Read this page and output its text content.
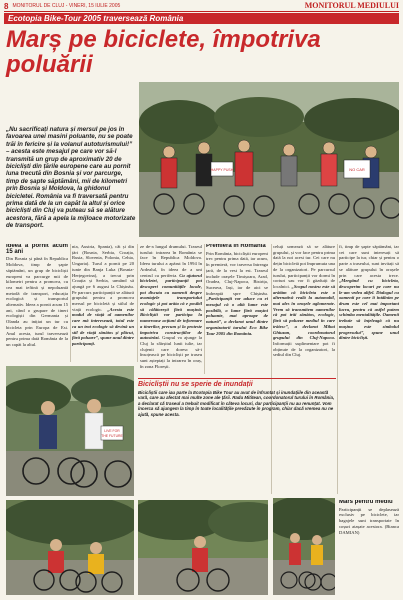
8 MONITORUL DE CLUJ - VINERI, 15 IULIE 2005	MONITORUL MEDIULUI
Ecotopia Bike-Tour 2005 traversează România
Marș pe biciclete, împotriva poluării
HAPPY PUSH	NO CAR
„Nu sacrificați natura și mersul pe jos în favoarea unei masini poluante, nu se poate trăi în fericire și la volanul autoturismului!” – acesta este mesajul pe care vor să-l transmită un grup de aproximativ 20 de bicicliști din țările europene care au pornit luna trecută din Bosnia și vor parcurge, timp de șapte săptămâni, mii de kilometri prin Bosnia și Moldova, la ghidonul bicicletei. România va fi traversată pentru prima dată de la un capăt la altul și orice bicicliști din Cluj va puteau să se alăture acestora, fără a apela la mijloace motorizate de transport.
Ideea a pornit acum 15 ani
Din Bosnia și până în Republica Moldova, timp de șapte săptămâni, un grup de bicicliști europeni va parcurge mii de kilometri pentru a promova, cu cea mai ieftină și nepoluantă metodă de transport, educația ecologică și transportul alternativ. Ideea a pornit acum 15 ani, când o grupare de tineri ecologiști din Germania și Olanda au inițiat un tur cu bicicleta prin Europa de Est. Anul acesta, turul traversează pentru prima dată România de la un capăt la altul.
nia, Austria, Spania), cât și din țări (Bosnia, Serbia, Croația, Rusia, Slovenia, Polonia, Cehia, Ungaria). Turul a pornit pe 20 iunie din Banja Luka (Bosnia-Herțegovina), a trecut prin Croația și Serbia, urmând să ajungă pe 6 august la Chișinău. Pe parcurs participanții se alătură grupului pentru a promova mersul pe bicicletă și stilul de viață ecologic. „Acesta este modul de viață al oamenilor care mă interesează, totul este ca un trai ecologic să devină un stil de viață sănătos și plăcut, fără poluare”, spune unul dintre participanți.
ze de-a lungul drumului. Traseul turului: intrarea în România se face în Republica Moldova. Ideea turului a apărut în 1994 în Ardealul, în ideea de a uni centrul cu periferia. Cu ajutorul bicicletei, participanții pot descoperi comunitățile locale, pot discuta cu oamenii despre avantajele transportului ecologic și pot arăta că e posibil să călătorești fără mașină. Bicicliștii vor participa la numeroase acțiuni de informare a tinerilor, precum și la proteste împotriva construcțiilor de autostrăzi. Grupul va ajunge la Cluj la sfârșitul lunii iulie, iar clujenii care doresc să-i însoțească pe bicicliști pe traseu sunt așteptați la intrarea în oraș, în zona Florești.
Premieră în România
Prin România, bicicliștii europeni trec pentru prima dată, iar acum, în premieră, vor traversa întreaga țară, de la vest la est. Traseul include orașele Timișoara, Arad, Oradea, Cluj-Napoca, Bistrița, Suceava, Iași, iar de aici se îndreaptă spre Chișinău. „Participanții vor aduce cu ei mesajul că o altă lume este posibilă, o lume fără mașini poluante, mai aproape de natură”, a declarat unul dintre organizatorii turului Eco Bike Tour 2005 din România.
celuți urmează să se alăture grupului, și vor face pentru prima dată la noi acest tur. Cei care nu dețin bicicletă pot împrumuta una de la organizatori. Pe parcursul turului, participanții vor dormi în corturi sau vor fi găzduiți de localnici. „Scopul nostru este să arătăm că bicicleta este o alternativă reală la automobil, mai ales în orașele aglomerate. Vrem să transmitem oamenilor că pot trăi sănătos, ecologic, fără să polueze mediul în care trăiesc”, a declarat Mihai Ghiuzan, coordonatorul grupului din Cluj-Napoca. Informații suplimentare pot fi obținute de la organizatori, la sediul din Cluj.
fi, timp de șapte săptămâni, iar cei care sunt interesați să participe la tur, chiar și pentru o parte a traseului, sunt invitați să se alăture grupului în orașele prin care acesta trece. „Mergând cu bicicleta, descoperim locuri pe care nu le-am vedea altfel. Dialogul cu oamenii pe care îi întâlnim pe drum este cel mai important lucru, pentru că astfel putem schimba mentalitățile. Oamenii trebuie să înțeleagă că nu mașina este simbolul progresului”, spune unul dintre bicicliști.
LIVE FOR
THE FUTURE
Bicicliștii nu se sperie de inundații
Bicicliștii care iau parte la Ecotopia Bike Tour au avut de înfruntat și inundațiile din această vară, care au afectat mai multe zone ale țării. Radu Mititean, coordonatorul turului în România, a declarat că traseul a trebuit modificat în câteva locuri, dar participanții nu au renunțat. Vom încerca să ajungem la timp în toate localitățile prevăzute în program, chiar dacă vremea nu ne ajută, spune acesta.
Mars pentru mediu
Participanții se deplasează exclusiv pe biciclete, iar bagajele sunt transportate în coșuri atașate acestora. (Bianca DAMIAN)
